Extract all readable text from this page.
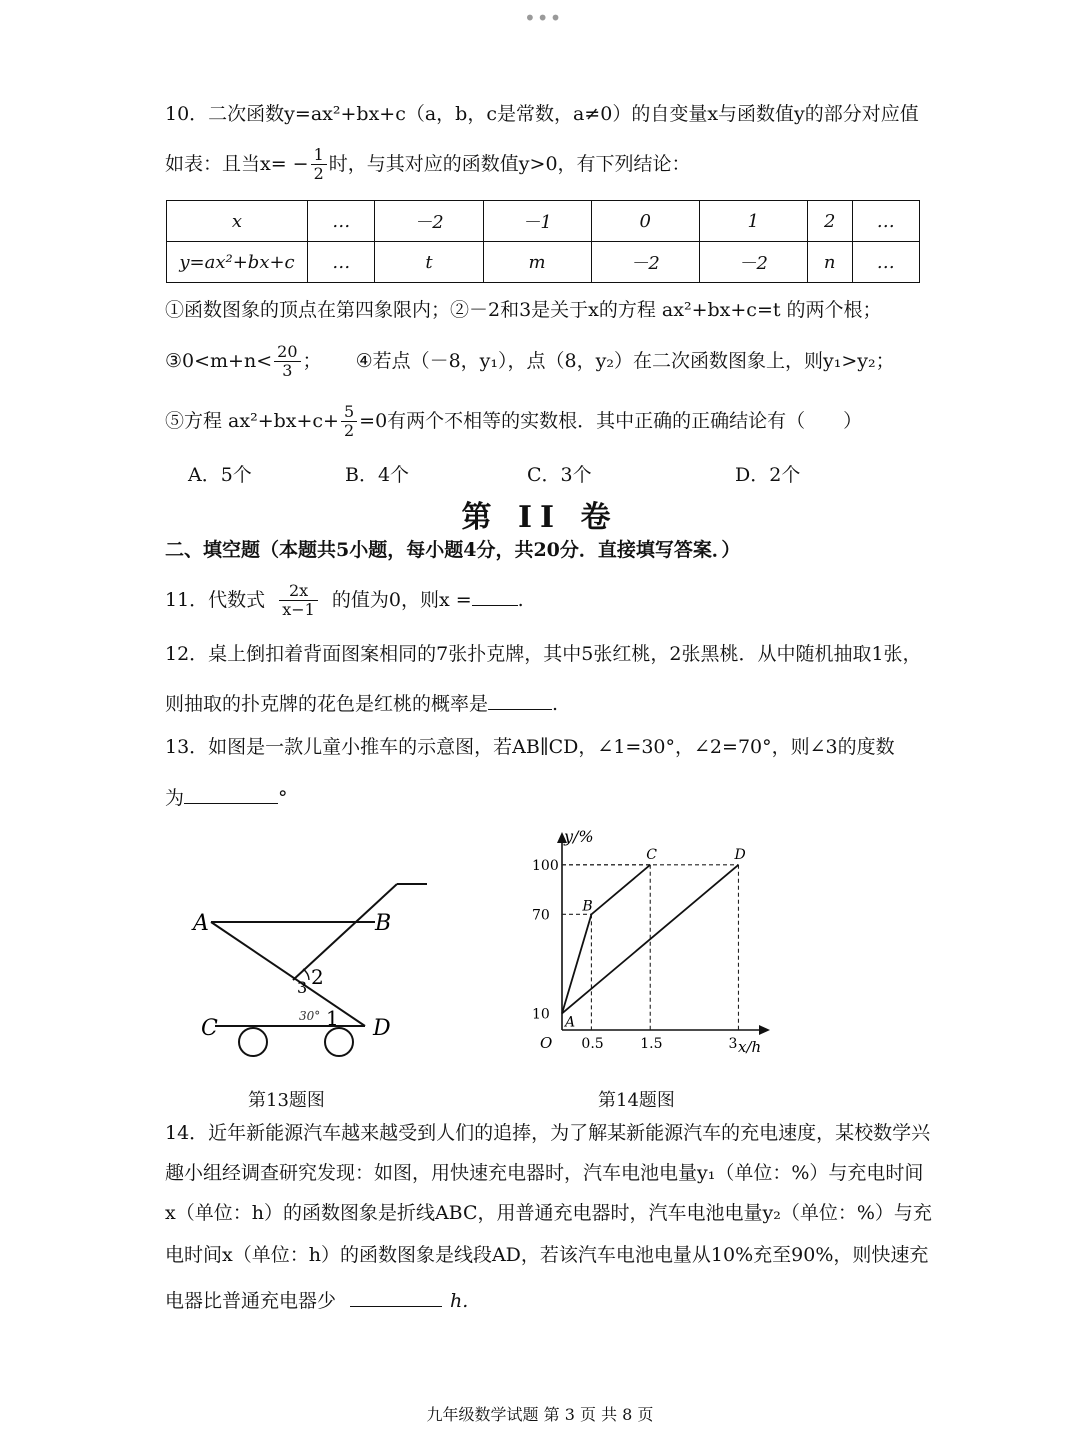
•••
10．二次函数y=ax²+bx+c（a，b，c是常数，a≠0）的自变量x与函数值y的部分对应值
如表：且当$x= - \frac{1}{2}$ 时，与其对应的函数值y>0，有下列结论：
x	…	－2	－1	0	1	2	…
y=ax²+bx+c	…	t	m	－2	－2	n	…
①函数图象的顶点在第四象限内；②－2和3是关于x的方程 ax²+bx+c=t 的两个根；
③0<m+n< $\frac{20}{3}$ ； ④若点（－8，y₁），点（8，y₂）在二次函数图象上，则y₁>y₂；
⑤方程 $ax^2+bx+c+ \frac{5}{2} =0$有两个不相等的实数根．其中正确的正确结论有（　　）
A．5个	B．4个	C．3个	D．2个
第 II 卷
二、填空题（本题共5小题，每小题4分，共20分．直接填写答案．）
11．代数式 $\frac{2x}{x-1}$ 的值为0，则x = .
12．桌上倒扣着背面图案相同的7张扑克牌，其中5张红桃，2张黑桃．从中随机抽取1张，
则抽取的扑克牌的花色是红桃的概率是	.
13．如图是一款儿童小推车的示意图，若AB∥CD，∠1=30°，∠2=70°，则∠3的度数
为	°
A	B
C	D
1
2
3
30°
第13题图
0.5	1.5	3
10
70
100
A
B
C	D
y/%
x/h
O
第14题图
14．近年新能源汽车越来越受到人们的追捧，为了解某新能源汽车的充电速度，某校数学兴
趣小组经调查研究发现：如图，用快速充电器时，汽车电池电量y₁（单位：%）与充电时间
x（单位：h）的函数图象是折线ABC，用普通充电器时，汽车电池电量y₂（单位：%）与充
电时间x（单位：h）的函数图象是线段AD，若该汽车电池电量从10%充至90%，则快速充
电器比普通充电器少	h.
九年级数学试题 第 3 页 共 8 页
